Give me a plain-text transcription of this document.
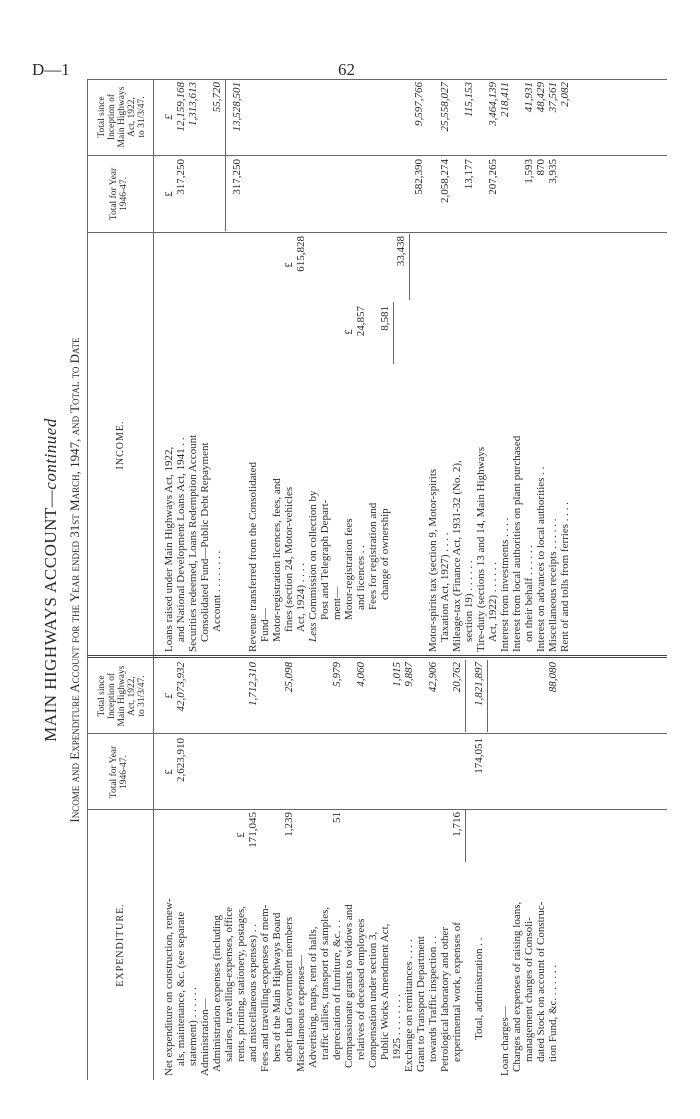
D—1	62
MAIN HIGHWAYS ACCOUNT—continued Income and Expenditure Account for the Year ended 31st March, 1947, and Total to Date
EXPENDITURE.
Total for Year 1946-47.
Total since
Inception of
Main Highways
Act, 1922,
to 31/3/47.
INCOME.
Total for Year 1946-47.
Total since
Inception of
Main Highways
Act, 1922,
to 31/3/47.
£
£
Net expenditure on construction, renew- als, maintenance, &c. (see separate statement) . . . . . .
2,623,910
42,073,932
Administration— Administration expenses (including salaries, travelling-expenses, office rents, printing, stationery, postages, and miscellaneous expenses) . .
£ 171,045
1,712,310
Fees and travelling-expenses of mem- bers of the Main Highways Board other than Government members
1,239
25,098
Miscellaneous expenses— Advertising, maps, rent of halls, traffic tallies, transport of samples, depreciation of furniture, &c. . .
51
5,979
Compassionate grants to widows and relatives of deceased employees
4,060
Compensation under section 3, Public Works Amendment Act, 1925 . . . . . . . .
1,015
Exchange on remittances . . . .
9,887
Grant to Transport Department towards Traffic inspection . .
42,906
Petrological laboratory and other experimental work, expenses of
1,716
20,762
Total, administration . .
174,051
1,821,897
Loan charges— Charges and expenses of raising loans, management charges of Consoli- dated Stock on account of Construc- tion Fund, &c. . . . . . .
88,080
£
£
Loans raised under Main Highways Act, 1922, and National Development Loans Act, 1941 . . Securities redeemed, Loans Redemption Account Consolidated Fund—Public Debt Repayment Account . . . . . . . .
317,250
12,159,168 1,313,613 55,720
317,250
13,528,501
Revenue transferred from the Consolidated Fund— Motor-registration licences, fees, and fines (section 24, Motor-vehicles Act, 1924) . . . .
£ 615,828
Less Commission on collection by Post and Telegraph Depart- ment— Motor-registration fees and licences . .
£ 24,857
Fees for registration and change of ownership
8,581
33,438
582,390
9,597,766
Motor-spirits tax (section 9, Motor-spirits Taxation Act, 1927) . . . .
2,058,274
25,558,027
Mileage-tax (Finance Act, 1931-32 (No. 2), section 19) . . . . . .
13,177
115,153
Tire-duty (sections 13 and 14, Main Highways Act, 1922) . . . . . .
207,265
3,464,139
Interest from investments . . . .
218,411
Interest from local authorities on plant purchased on their behalf . . . . . .
1,593
41,931
Interest on advances to local authorities . .
870
48,429
Miscellaneous receipts . . . . . .
3,935
37,561
Rent of and tolls from ferries . . . .
2,082
